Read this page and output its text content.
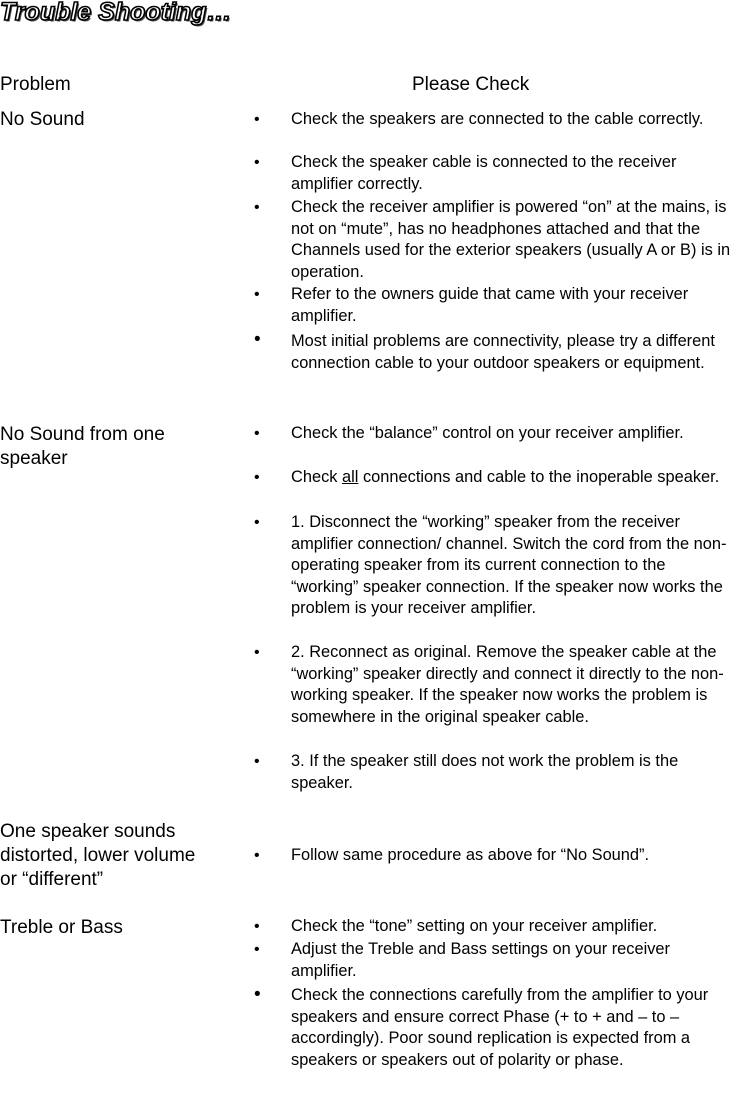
Trouble Shooting…
Problem	Please Check
No Sound	• Check the speakers are connected to the cable correctly.
• Check the speaker cable is connected to the receiver amplifier correctly.
• Check the receiver amplifier is powered “on” at the mains, is not on “mute”, has no headphones attached and that the Channels used for the exterior speakers (usually A or B) is in operation.
• Refer to the owners guide that came with your receiver amplifier.
• Most initial problems are connectivity, please try a different connection cable to your outdoor speakers or equipment.
No Sound from one speaker
• Check the “balance” control on your receiver amplifier.
• Check all connections and cable to the inoperable speaker.
• 1. Disconnect the “working” speaker from the receiver amplifier connection/ channel. Switch the cord from the non-operating speaker from its current connection to the “working” speaker connection. If the speaker now works the problem is your receiver amplifier.
• 2. Reconnect as original. Remove the speaker cable at the “working” speaker directly and connect it directly to the non-working speaker. If the speaker now works the problem is somewhere in the original speaker cable.
• 3. If the speaker still does not work the problem is the speaker.
One speaker sounds distorted, lower volume or “different”
• Follow same procedure as above for “No Sound”.
Treble or Bass	• Check the “tone” setting on your receiver amplifier.
• Adjust the Treble and Bass settings on your receiver amplifier.
• Check the connections carefully from the amplifier to your speakers and ensure correct Phase (+ to + and – to – accordingly). Poor sound replication is expected from a speakers or speakers out of polarity or phase.
